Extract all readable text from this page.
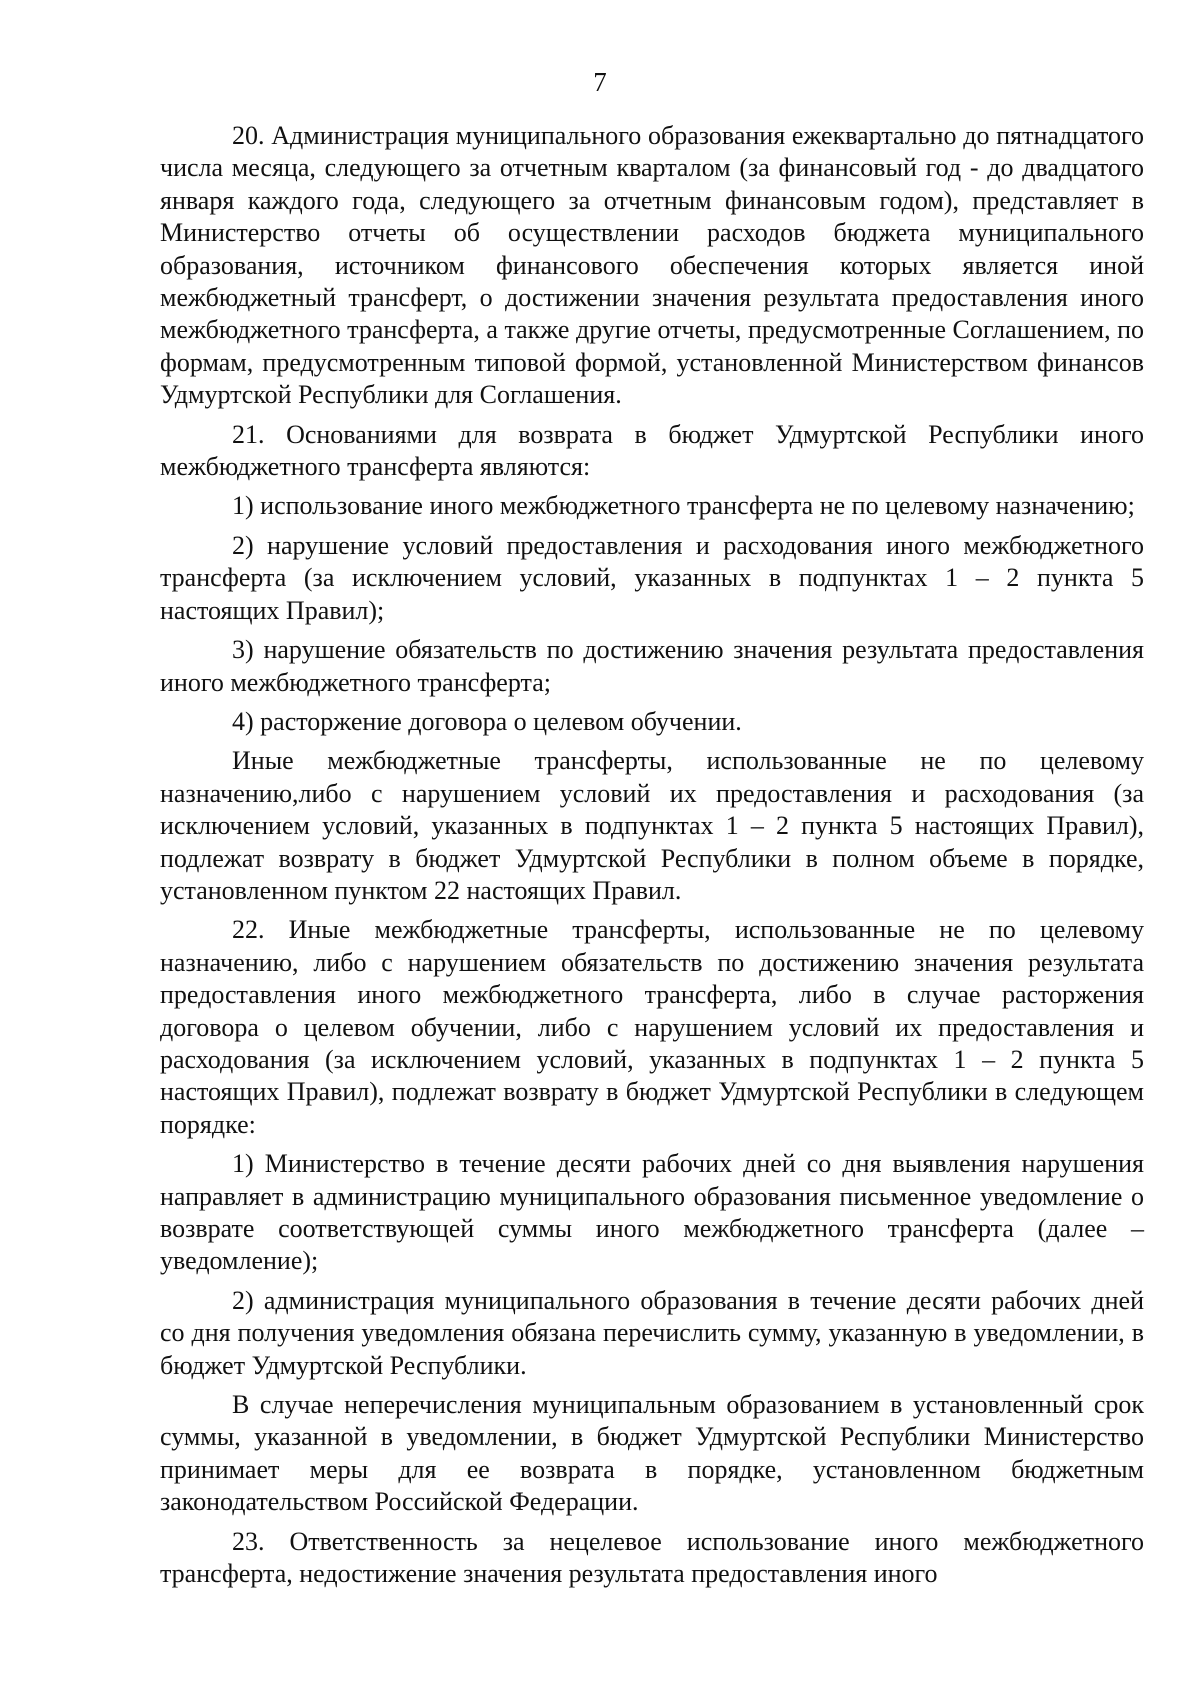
7

20. Администрация муниципального образования ежеквартально до пятнадцатого числа месяца, следующего за отчетным кварталом (за финансовый год - до двадцатого января каждого года, следующего за отчетным финансовым годом), представляет в Министерство отчеты об осуществлении расходов бюджета муниципального образования, источником финансового обеспечения которых является иной межбюджетный трансферт, о достижении значения результата предоставления иного межбюджетного трансферта, а также другие отчеты, предусмотренные Соглашением, по формам, предусмотренным типовой формой, установленной Министерством финансов Удмуртской Республики для Соглашения.

21. Основаниями для возврата в бюджет Удмуртской Республики иного межбюджетного трансферта являются:

1) использование иного межбюджетного трансферта не по целевому назначению;

2) нарушение условий предоставления и расходования иного межбюджетного трансферта (за исключением условий, указанных в подпунктах 1 – 2 пункта 5 настоящих Правил);

3) нарушение обязательств по достижению значения результата предоставления иного межбюджетного трансферта;

4) расторжение договора о целевом обучении.

Иные межбюджетные трансферты, использованные не по целевому назначению,либо с нарушением условий их предоставления и расходования (за исключением условий, указанных в подпунктах 1 – 2 пункта 5 настоящих Правил), подлежат возврату в бюджет Удмуртской Республики в полном объеме в порядке, установленном пунктом 22 настоящих Правил.

22. Иные межбюджетные трансферты, использованные не по целевому назначению, либо с нарушением обязательств по достижению значения результата предоставления иного межбюджетного трансферта, либо в случае расторжения договора о целевом обучении, либо с нарушением условий их предоставления и расходования (за исключением условий, указанных в подпунктах 1 – 2 пункта 5 настоящих Правил), подлежат возврату в бюджет Удмуртской Республики в следующем порядке:

1) Министерство в течение десяти рабочих дней со дня выявления нарушения направляет в администрацию муниципального образования письменное уведомление о возврате соответствующей суммы иного межбюджетного трансферта (далее – уведомление);

2) администрация муниципального образования в течение десяти рабочих дней со дня получения уведомления обязана перечислить сумму, указанную в уведомлении, в бюджет Удмуртской Республики.

В случае неперечисления муниципальным образованием в установленный срок суммы, указанной в уведомлении, в бюджет Удмуртской Республики Министерство принимает меры для ее возврата в порядке, установленном бюджетным законодательством Российской Федерации.

23. Ответственность за нецелевое использование иного межбюджетного трансферта, недостижение значения результата предоставления иного
